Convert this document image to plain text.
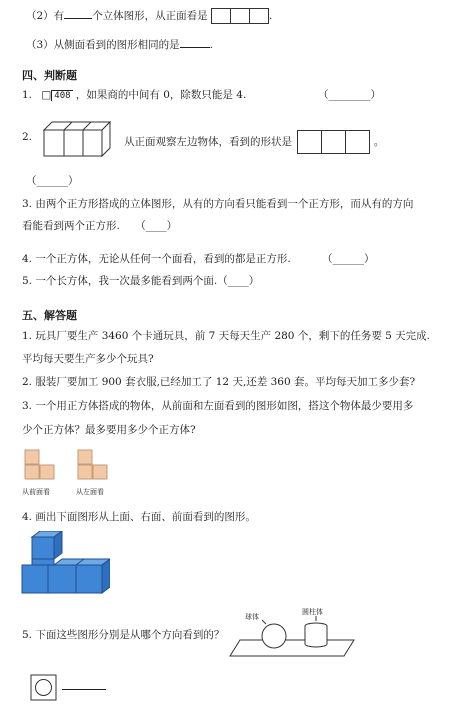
（2）有	个立体图形，从正面看是	.
（3）从侧面看到的图形相同的是	.
四、判断题
1. □ 408 ，如果商的中间有 0，除数只能是 4.	（________）
2.	从正面观察左边物体，看到的形状是	。
（______）
3. 由两个正方形搭成的立体图形，从有的方向看只能看到一个正方形，而从有的方向
看能看到两个正方形. （____）
4. 一个正方体，无论从任何一个面看，看到的都是正方形.	（______）
5. 一个长方体，我一次最多能看到两个面.（____）
五、解答题
1. 玩具厂要生产 3460 个卡通玩具，前 7 天每天生产 280 个，剩下的任务要 5 天完成.
平均每天要生产多少个玩具?
2. 服装厂要加工 900 套衣服,已经加工了 12 天,还差 360 套。平均每天加工多少套?
3. 一个用正方体搭成的物体，从前面和左面看到的图形如图，搭这个物体最少要用多
少个正方体？最多要用多少个正方体?
从前面看	从左面看
4. 画出下面图形从上面、右面、前面看到的图形。
5. 下面这些图形分别是从哪个方向看到的？
球体
圆柱体
